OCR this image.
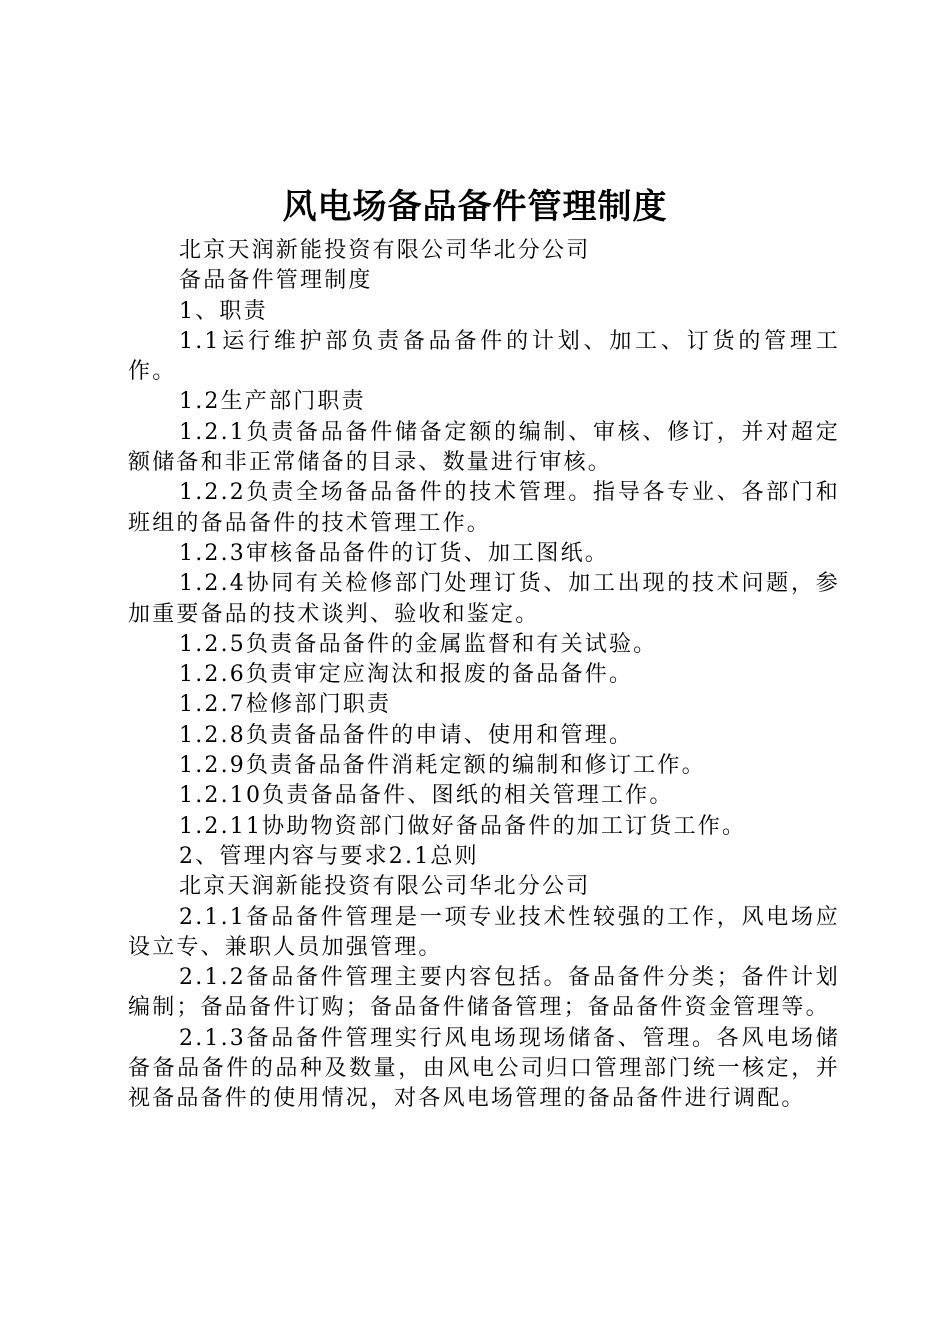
风电场备品备件管理制度

北京天润新能投资有限公司华北分公司

备品备件管理制度

1、职责

1.1运行维护部负责备品备件的计划、加工、订货的管理工作。

1.2生产部门职责

1.2.1负责备品备件储备定额的编制、审核、修订，并对超定额储备和非正常储备的目录、数量进行审核。

1.2.2负责全场备品备件的技术管理。指导各专业、各部门和班组的备品备件的技术管理工作。

1.2.3审核备品备件的订货、加工图纸。

1.2.4协同有关检修部门处理订货、加工出现的技术问题，参加重要备品的技术谈判、验收和鉴定。

1.2.5负责备品备件的金属监督和有关试验。

1.2.6负责审定应淘汰和报废的备品备件。

1.2.7检修部门职责

1.2.8负责备品备件的申请、使用和管理。

1.2.9负责备品备件消耗定额的编制和修订工作。

1.2.10负责备品备件、图纸的相关管理工作。

1.2.11协助物资部门做好备品备件的加工订货工作。

2、管理内容与要求2.1总则

北京天润新能投资有限公司华北分公司

2.1.1备品备件管理是一项专业技术性较强的工作，风电场应设立专、兼职人员加强管理。

2.1.2备品备件管理主要内容包括。备品备件分类；备件计划编制；备品备件订购；备品备件储备管理；备品备件资金管理等。

2.1.3备品备件管理实行风电场现场储备、管理。各风电场储备备品备件的品种及数量，由风电公司归口管理部门统一核定，并视备品备件的使用情况，对各风电场管理的备品备件进行调配。
